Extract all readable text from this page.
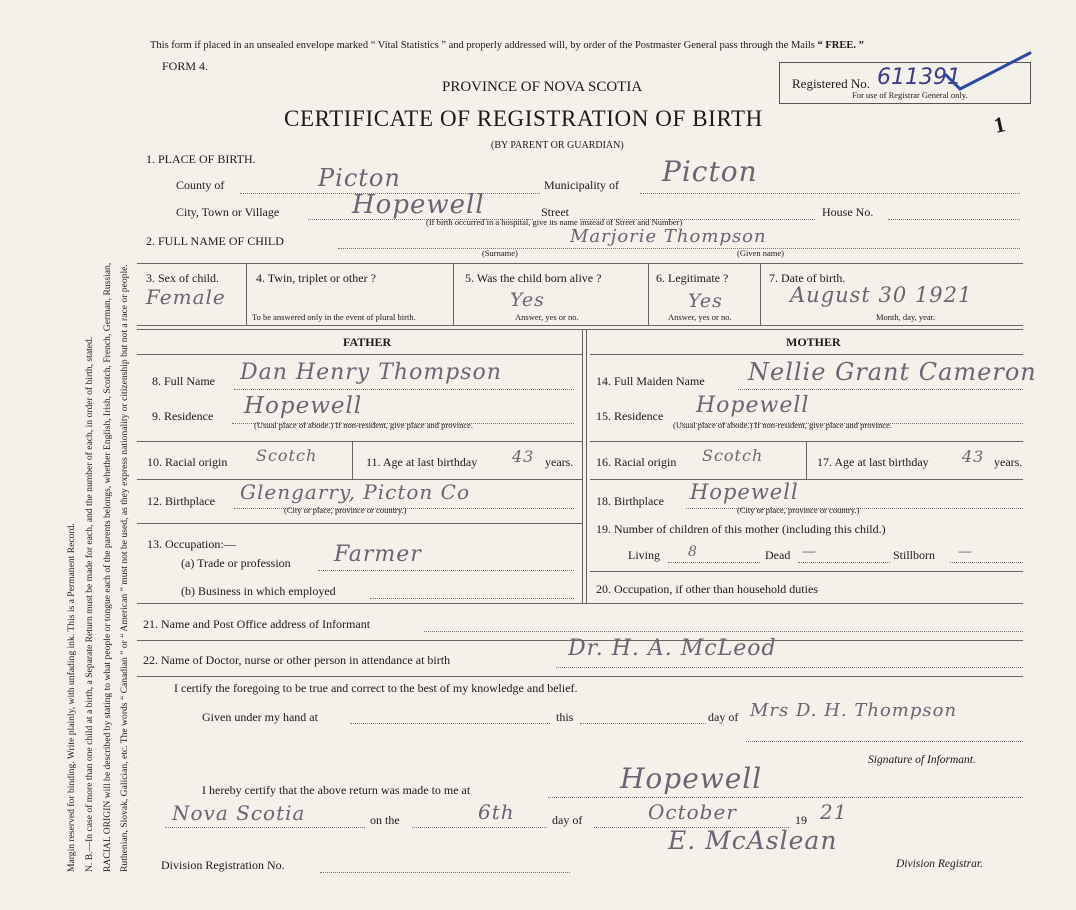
Margin reserved for binding. Write plainly, with unfading ink. This is a Permanent Record. N. B.—In case of more than one child at a birth, a Separate Return must be made for each, and the number of each, in order of birth, stated. RACIAL ORIGIN will be described by stating to what people or tongue each of the parents belongs, whether English, Irish, Scotch, French, German, Russian, Ruthenian, Slovak, Galician, etc. The words “ Canadian ” or “ American ” must not be used, as they express nationality or citizenship but not a race or people.
This form if placed in an unsealed envelope marked “ Vital Statistics ” and properly addressed will, by order of the Postmaster General pass through the Mails “ FREE. ”
FORM 4.
PROVINCE OF NOVA SCOTIA
CERTIFICATE OF REGISTRATION OF BIRTH
(BY PARENT OR GUARDIAN)
Registered No. 611391
For use of Registrar General only.
1
1. PLACE OF BIRTH.
County of	Picton	Municipality of Picton
City, Town or Village	Hopewell	Street
(If birth occurred in a hospital, give its name instead of Street and Number)
House No.
2. FULL NAME OF CHILD	Marjorie Thompson
(Surname)	(Given name)
3. Sex of child.
Female
4. Twin, triplet or other ?
To be answered only in the event of plural birth.
5. Was the child born alive ?
Yes
Answer, yes or no.
6. Legitimate ?
Yes
Answer, yes or no.
7. Date of birth.
August 30 1921
Month, day, year.
FATHER	MOTHER
8. Full Name Dan Henry Thompson
9. Residence Hopewell
(Usual place of abode.) If non-resident, give place and province.
10. Racial origin Scotch	11. Age at last birthday 43 years.
12. Birthplace Glengarry, Picton Co
(City or place, province or country.)
13. Occupation:—
(a) Trade or profession Farmer
(b) Business in which employed
14. Full Maiden Name Nellie Grant Cameron
15. Residence Hopewell
(Usual place of abode.) If non-resident, give place and province.
16. Racial origin Scotch	17. Age at last birthday 43 years.
18. Birthplace Hopewell
(City or place, province or country.)
19. Number of children of this mother (including this child.)
Living 8	Dead —	Stillborn —
20. Occupation, if other than household duties
21. Name and Post Office address of Informant
22. Name of Doctor, nurse or other person in attendance at birth	Dr. H. A. McLeod
I certify the foregoing to be true and correct to the best of my knowledge and belief.
Given under my hand at	this	day of Mrs D. H. Thompson
Signature of Informant.
I hereby certify that the above return was made to me at	Hopewell
Nova Scotia	on the	6th	day of	October	19 21
E. McAslean
Division Registration No.	Division Registrar.
